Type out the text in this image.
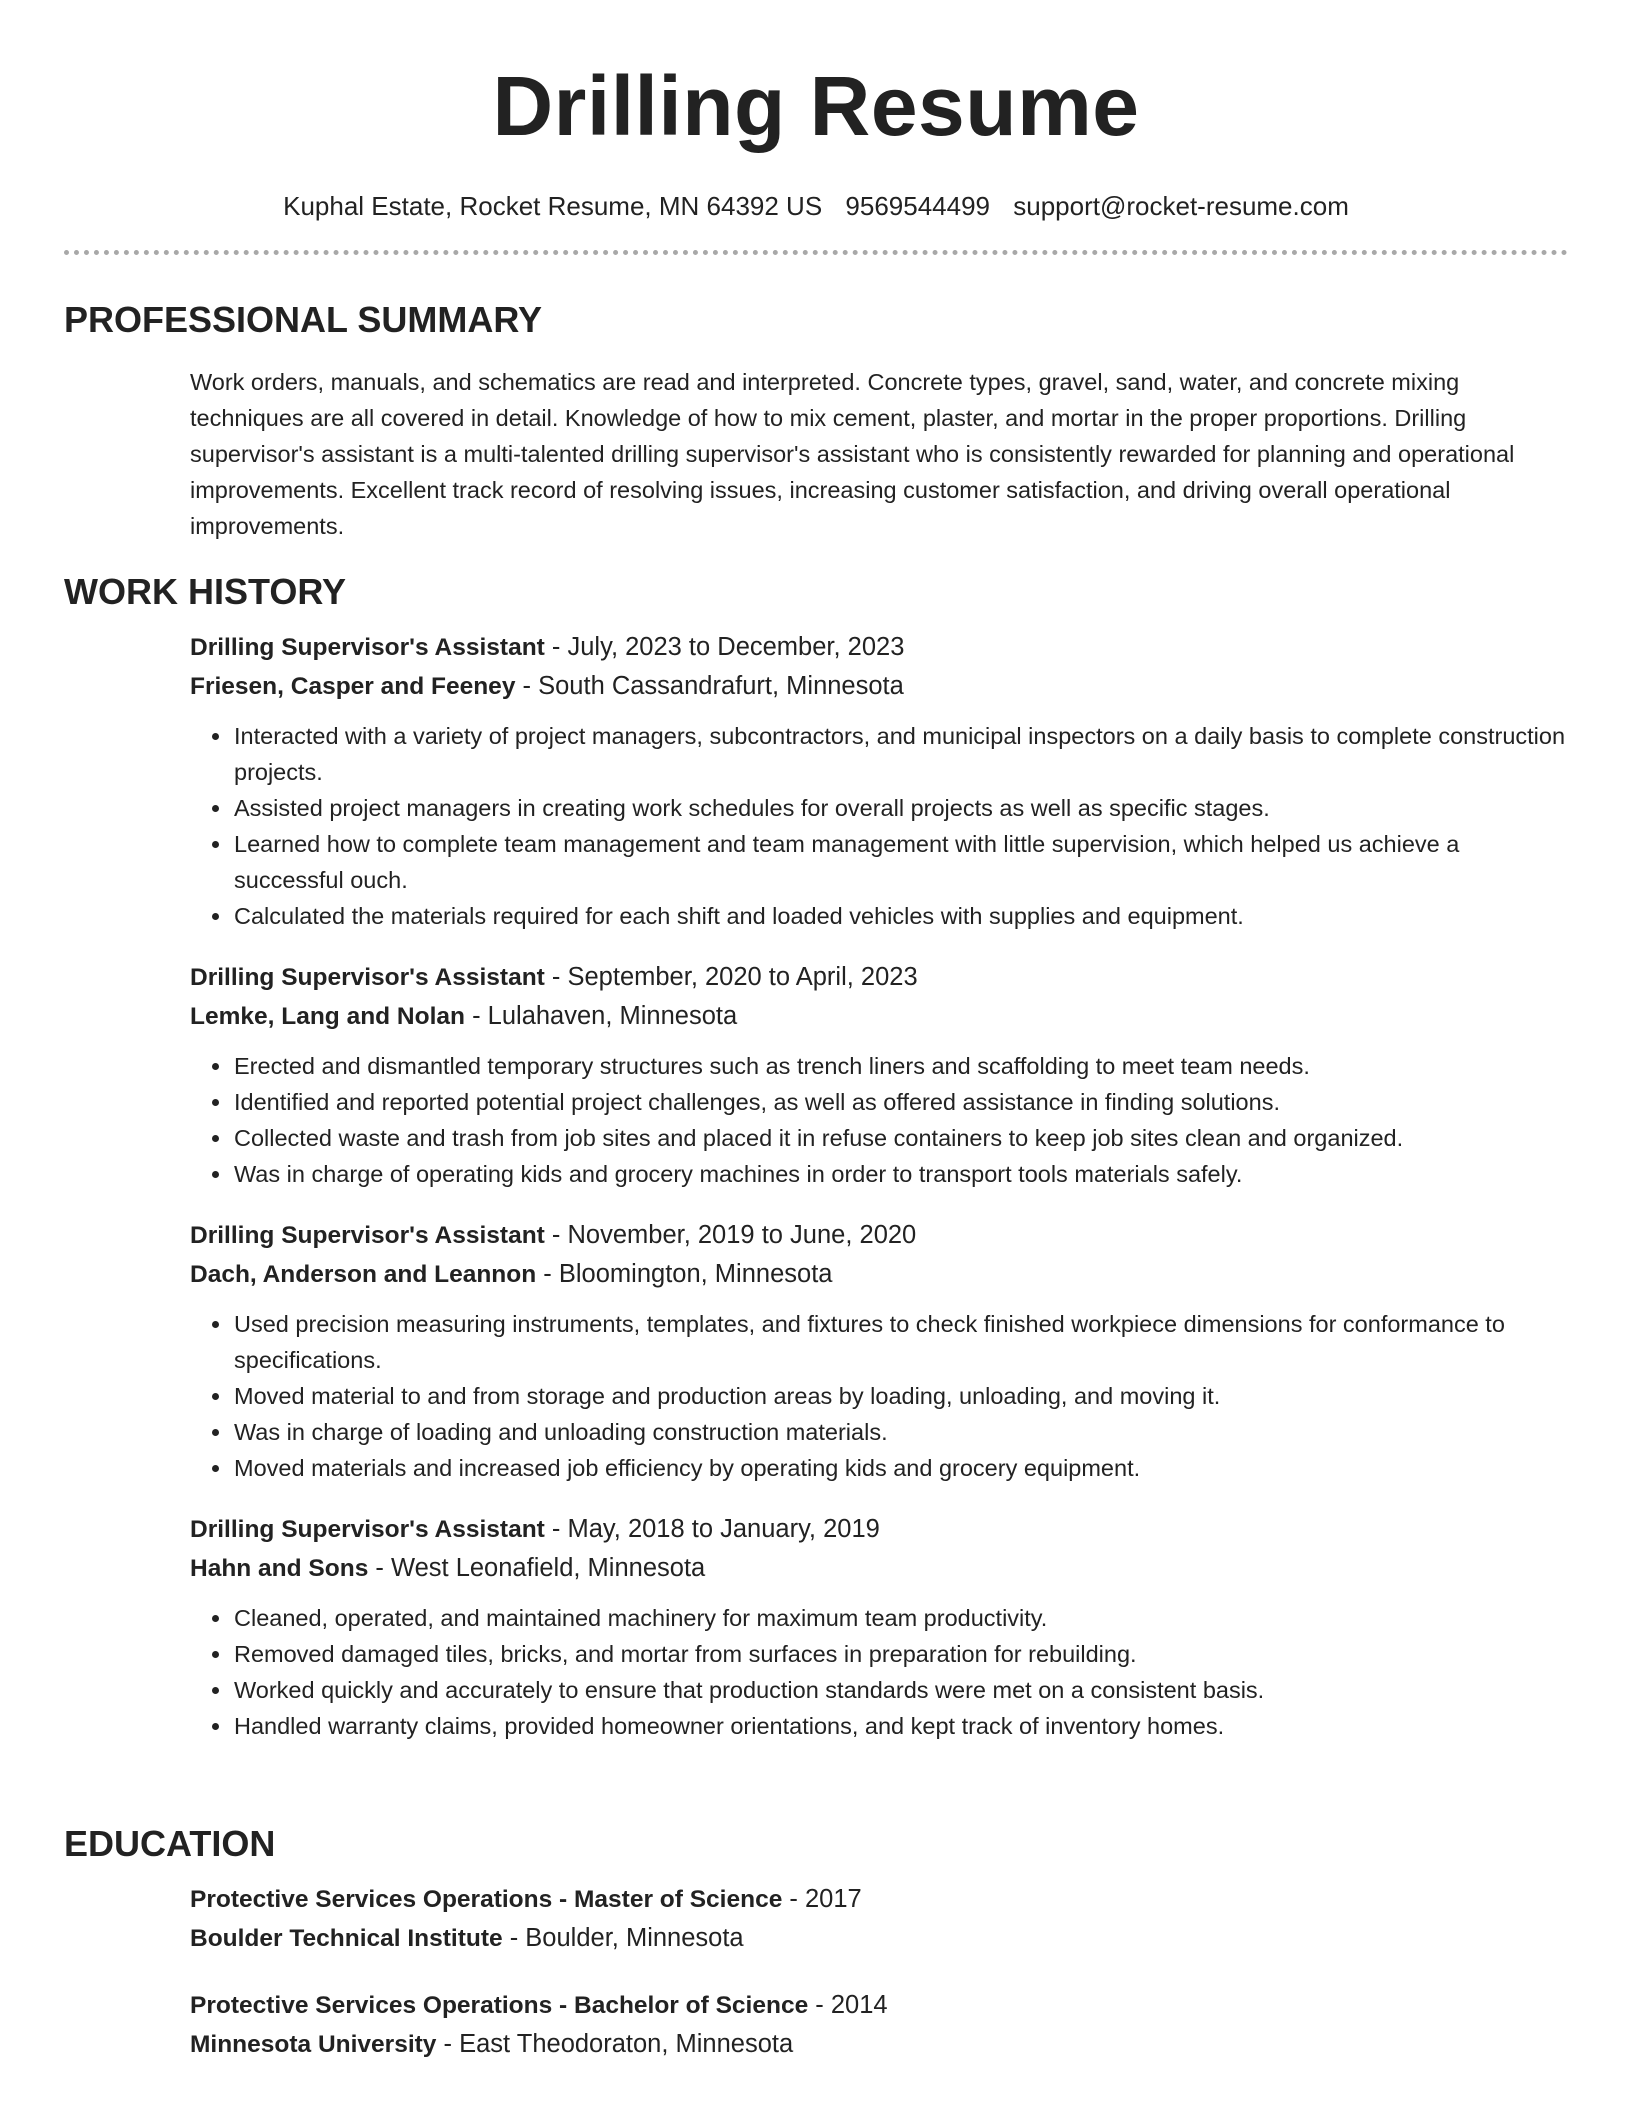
Drilling Resume
Kuphal Estate, Rocket Resume, MN 64392 US 9569544499 support@rocket-resume.com
PROFESSIONAL SUMMARY
Work orders, manuals, and schematics are read and interpreted. Concrete types, gravel, sand, water, and concrete mixing techniques are all covered in detail. Knowledge of how to mix cement, plaster, and mortar in the proper proportions. Drilling supervisor's assistant is a multi-talented drilling supervisor's assistant who is consistently rewarded for planning and operational improvements. Excellent track record of resolving issues, increasing customer satisfaction, and driving overall operational improvements.
WORK HISTORY
Drilling Supervisor's Assistant - July, 2023 to December, 2023
Friesen, Casper and Feeney - South Cassandrafurt, Minnesota
• Interacted with a variety of project managers, subcontractors, and municipal inspectors on a daily basis to complete construction projects.
• Assisted project managers in creating work schedules for overall projects as well as specific stages.
• Learned how to complete team management and team management with little supervision, which helped us achieve a successful ouch.
• Calculated the materials required for each shift and loaded vehicles with supplies and equipment.
Drilling Supervisor's Assistant - September, 2020 to April, 2023
Lemke, Lang and Nolan - Lulahaven, Minnesota
• Erected and dismantled temporary structures such as trench liners and scaffolding to meet team needs.
• Identified and reported potential project challenges, as well as offered assistance in finding solutions.
• Collected waste and trash from job sites and placed it in refuse containers to keep job sites clean and organized.
• Was in charge of operating kids and grocery machines in order to transport tools materials safely.
Drilling Supervisor's Assistant - November, 2019 to June, 2020
Dach, Anderson and Leannon - Bloomington, Minnesota
• Used precision measuring instruments, templates, and fixtures to check finished workpiece dimensions for conformance to specifications.
• Moved material to and from storage and production areas by loading, unloading, and moving it.
• Was in charge of loading and unloading construction materials.
• Moved materials and increased job efficiency by operating kids and grocery equipment.
Drilling Supervisor's Assistant - May, 2018 to January, 2019
Hahn and Sons - West Leonafield, Minnesota
• Cleaned, operated, and maintained machinery for maximum team productivity.
• Removed damaged tiles, bricks, and mortar from surfaces in preparation for rebuilding.
• Worked quickly and accurately to ensure that production standards were met on a consistent basis.
• Handled warranty claims, provided homeowner orientations, and kept track of inventory homes.
EDUCATION
Protective Services Operations - Master of Science - 2017
Boulder Technical Institute - Boulder, Minnesota
Protective Services Operations - Bachelor of Science - 2014
Minnesota University - East Theodoraton, Minnesota
